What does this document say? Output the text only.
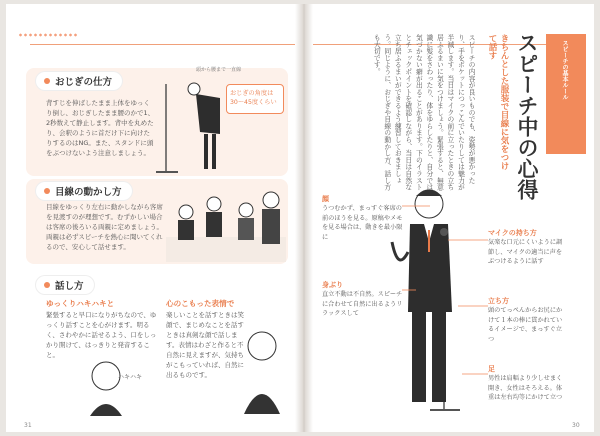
おじぎの仕方
背すじを伸ばしたまま上体をゆっくり倒し、おじぎしたまま腰のかで1、2秒数えて静止します。背中を丸めたり、会釈のように首だけ下に向けたりするのはNG。また、スタンドに頭をぶつけないよう注意しましょう。
おじぎの角度は30〜45度くらい
頭から腰まで一直線
目線の動かし方
目線をゆっくり左右に動かしながら客席を見渡すのが理想です。むずかしい場合は客席の後ろいる両親に定めましょう。両親は必ずスピーチを熱心に聞いてくれるので、安心して話せます。
話し方
ゆっくりハキハキと
緊張すると早口になりがちなので、ゆっくり話すことを心がけます。明るく、さわやかに話せるよう、口をしっかり開けて、はっきりと発音すること。
心のこもった表情で
楽しいことを話すときは笑顔で、まじめなことを話すときは真剣な顔で話します。表情はわざと作ると不自然に見えますが、気持ちがこもっていれば、自然に出るものです。
ハキハキ
31
スピーチの基本ルール
スピーチ中の心得
きちんとした服装で目線に気をつけて話す
スピーチの内容が良いものでも、姿勢が悪かったり、手をポケットにつっこんでいたりしては魅力が半減します。当日はマイクの前に立ったときの立ち居ふるまいに気をつけましょう。緊張すると、無意識に髪をさわったり、体をゆらしたりと、自分では気づかない癖が出ることがあります。下のイラストとチェックポイントを確認しながら、当日は自然な立ち居ふるまいができるよう練習しておきましょう。同じように、おじぎや目線の動かし方、話し方も大切です。
顔
うつむかず、まっすぐ客席の前のほうを見る。原稿やメモを見る場合は、動きを最小限に
身ぶり
直立不動は不自然。スピーチに合わせて自然に出るようリラックスして
マイクの持ち方
気楽な口元にくいように調節し、マイクの適当に声をぶつけるように話す
立ち方
頭のてっぺんからお尻にかけて１本の棒に貫かれているイメージで、まっすぐ立つ
足
男性は肩幅より少しせまく開き、女性はそろえる。体重は左右均等にかけて立つ
30
